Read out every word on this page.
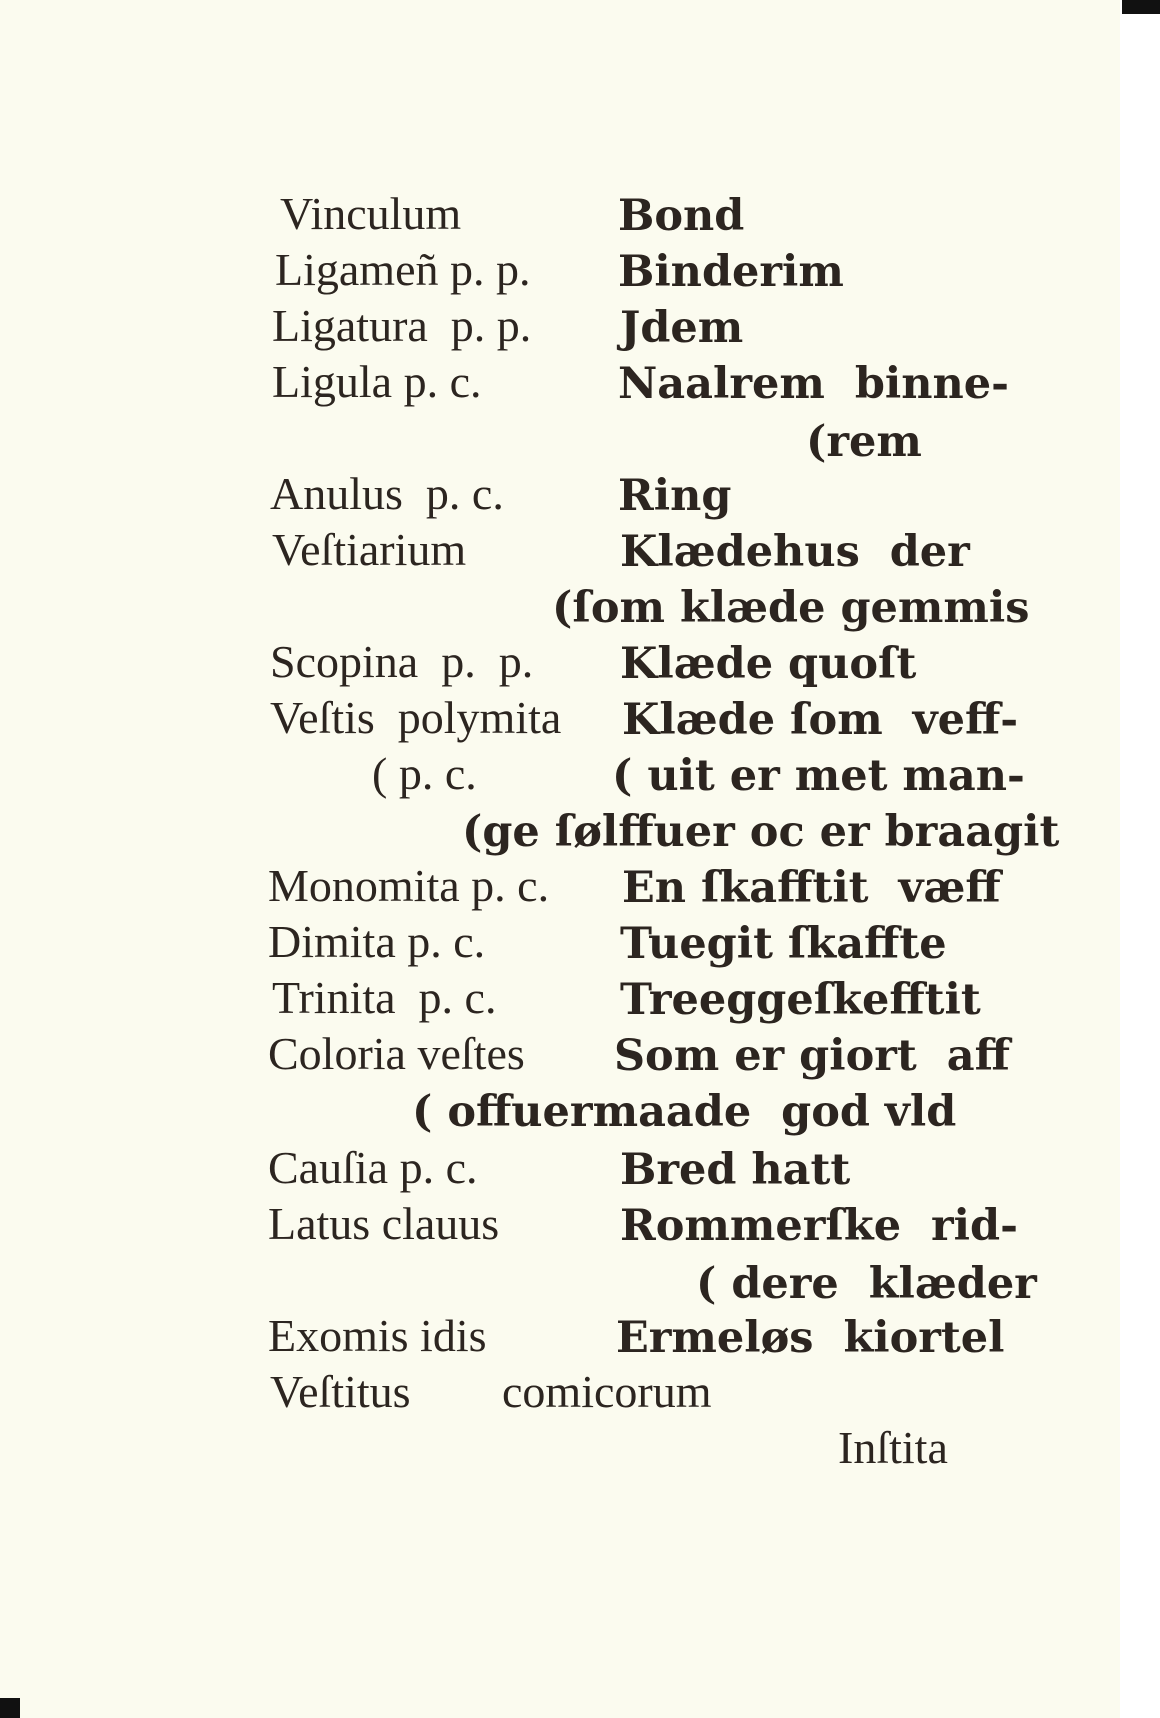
Vinculum	Bond
Ligameñ p. p. Binderim
Ligatura  p. p. Jdem
Ligula p. c.	Naalrem  binne-
(rem
Anulus  p. c.	Ring
Veſtiarium	Klædehus  der
(ſom klæde gemmis
Scopina  p.  p. Klæde quoſt
Veſtis  polymita Klæde ſom  veff-
( p. c.	( uit er met man-
(ge ſølffuer oc er braagit
Monomita p. c. En ſkafftit  væff
Dimita p. c.	Tuegit ſkaffte
Trinita  p. c.	Treeggeſkefftit
Coloria veſtes Som er giort  aff
( offuermaade  god vld
Cauſia p. c.	Bred hatt
Latus clauus	Rommerſke  rid-
( dere  klæder
Exomis idis	Ermeløs  kiortel
Veſtitus comicorum
Inſtita
